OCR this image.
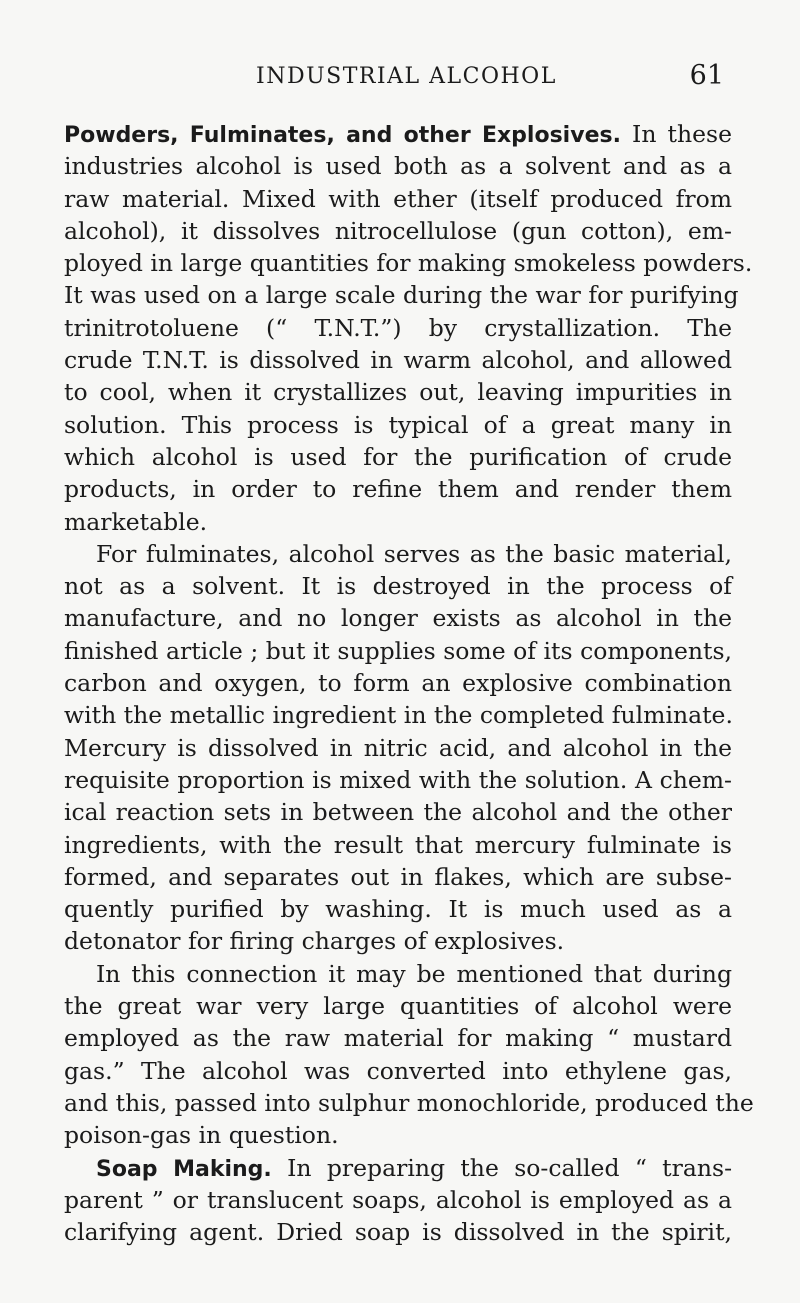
INDUSTRIAL ALCOHOL	61
Powders, Fulminates, and other Explosives. In these
industries alcohol is used both as a solvent and as a
raw material. Mixed with ether (itself produced from
alcohol), it dissolves nitrocellulose (gun cotton), em-
ployed in large quantities for making smokeless powders.
It was used on a large scale during the war for purifying
trinitrotoluene (“ T.N.T.”) by crystallization. The
crude T.N.T. is dissolved in warm alcohol, and allowed
to cool, when it crystallizes out, leaving impurities in
solution. This process is typical of a great many in
which alcohol is used for the purification of crude
products, in order to refine them and render them
marketable.
For fulminates, alcohol serves as the basic material,
not as a solvent. It is destroyed in the process of
manufacture, and no longer exists as alcohol in the
finished article ; but it supplies some of its components,
carbon and oxygen, to form an explosive combination
with the metallic ingredient in the completed fulminate.
Mercury is dissolved in nitric acid, and alcohol in the
requisite proportion is mixed with the solution. A chem-
ical reaction sets in between the alcohol and the other
ingredients, with the result that mercury fulminate is
formed, and separates out in flakes, which are subse-
quently purified by washing. It is much used as a
detonator for firing charges of explosives.
In this connection it may be mentioned that during
the great war very large quantities of alcohol were
employed as the raw material for making “ mustard
gas.” The alcohol was converted into ethylene gas,
and this, passed into sulphur monochloride, produced the
poison-gas in question.
Soap Making. In preparing the so-called “ trans-
parent ” or translucent soaps, alcohol is employed as a
clarifying agent. Dried soap is dissolved in the spirit,
